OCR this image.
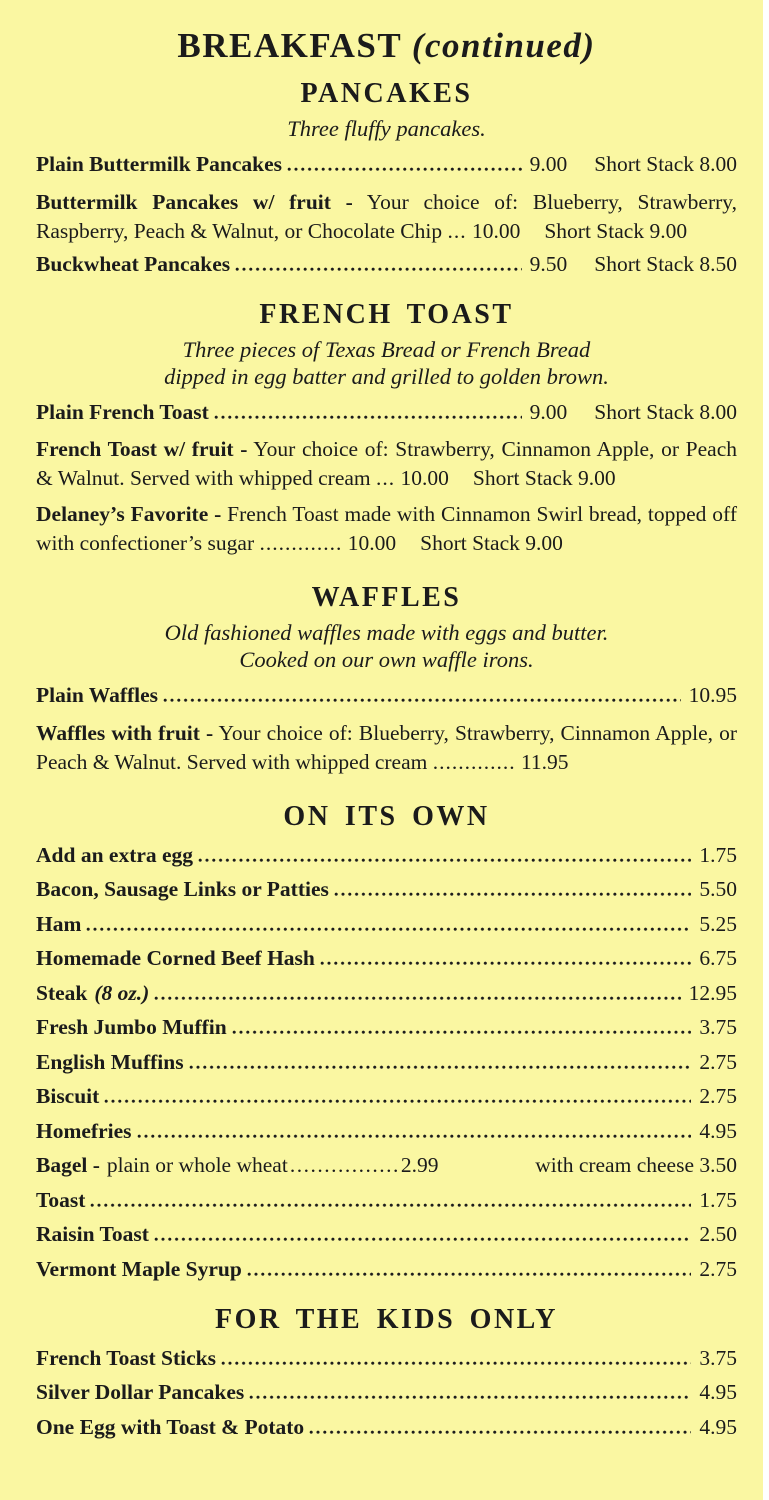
BREAKFAST (continued)
PANCAKES
Three fluffy pancakes.
Plain Buttermilk Pancakes	9.00 Short Stack 8.00

Buttermilk Pancakes w/ fruit - Your choice of: Blueberry, Strawberry, Raspberry, Peach & Walnut, or Chocolate Chip ... 10.00 Short Stack 9.00

Buckwheat Pancakes	9.50 Short Stack 8.50
FRENCH TOAST
Three pieces of Texas Bread or French Bread
dipped in egg batter and grilled to golden brown.
Plain French Toast	9.00 Short Stack 8.00

French Toast w/ fruit - Your choice of: Strawberry, Cinnamon Apple, or Peach & Walnut. Served with whipped cream ... 10.00 Short Stack 9.00

Delaney’s Favorite - French Toast made with Cinnamon Swirl bread, topped off with confectioner’s sugar ............. 10.00 Short Stack 9.00

WAFFLES
Old fashioned waffles made with eggs and butter.
Cooked on our own waffle irons.
Plain Waffles	10.95

Waffles with fruit - Your choice of: Blueberry, Strawberry, Cinnamon Apple, or Peach & Walnut. Served with whipped cream ............. 11.95

ON ITS OWN
Add an extra egg	1.75
Bacon, Sausage Links or Patties	5.50
Ham	5.25
Homemade Corned Beef Hash	6.75
Steak (8 oz.)	12.95
Fresh Jumbo Muffin	3.75
English Muffins	2.75
Biscuit	2.75
Homefries	4.95
Bagel - plain or whole wheat ................ 2.99	with cream cheese 3.50
Toast	1.75
Raisin Toast	2.50
Vermont Maple Syrup	2.75
FOR THE KIDS ONLY
French Toast Sticks	3.75
Silver Dollar Pancakes	4.95
One Egg with Toast & Potato	4.95
